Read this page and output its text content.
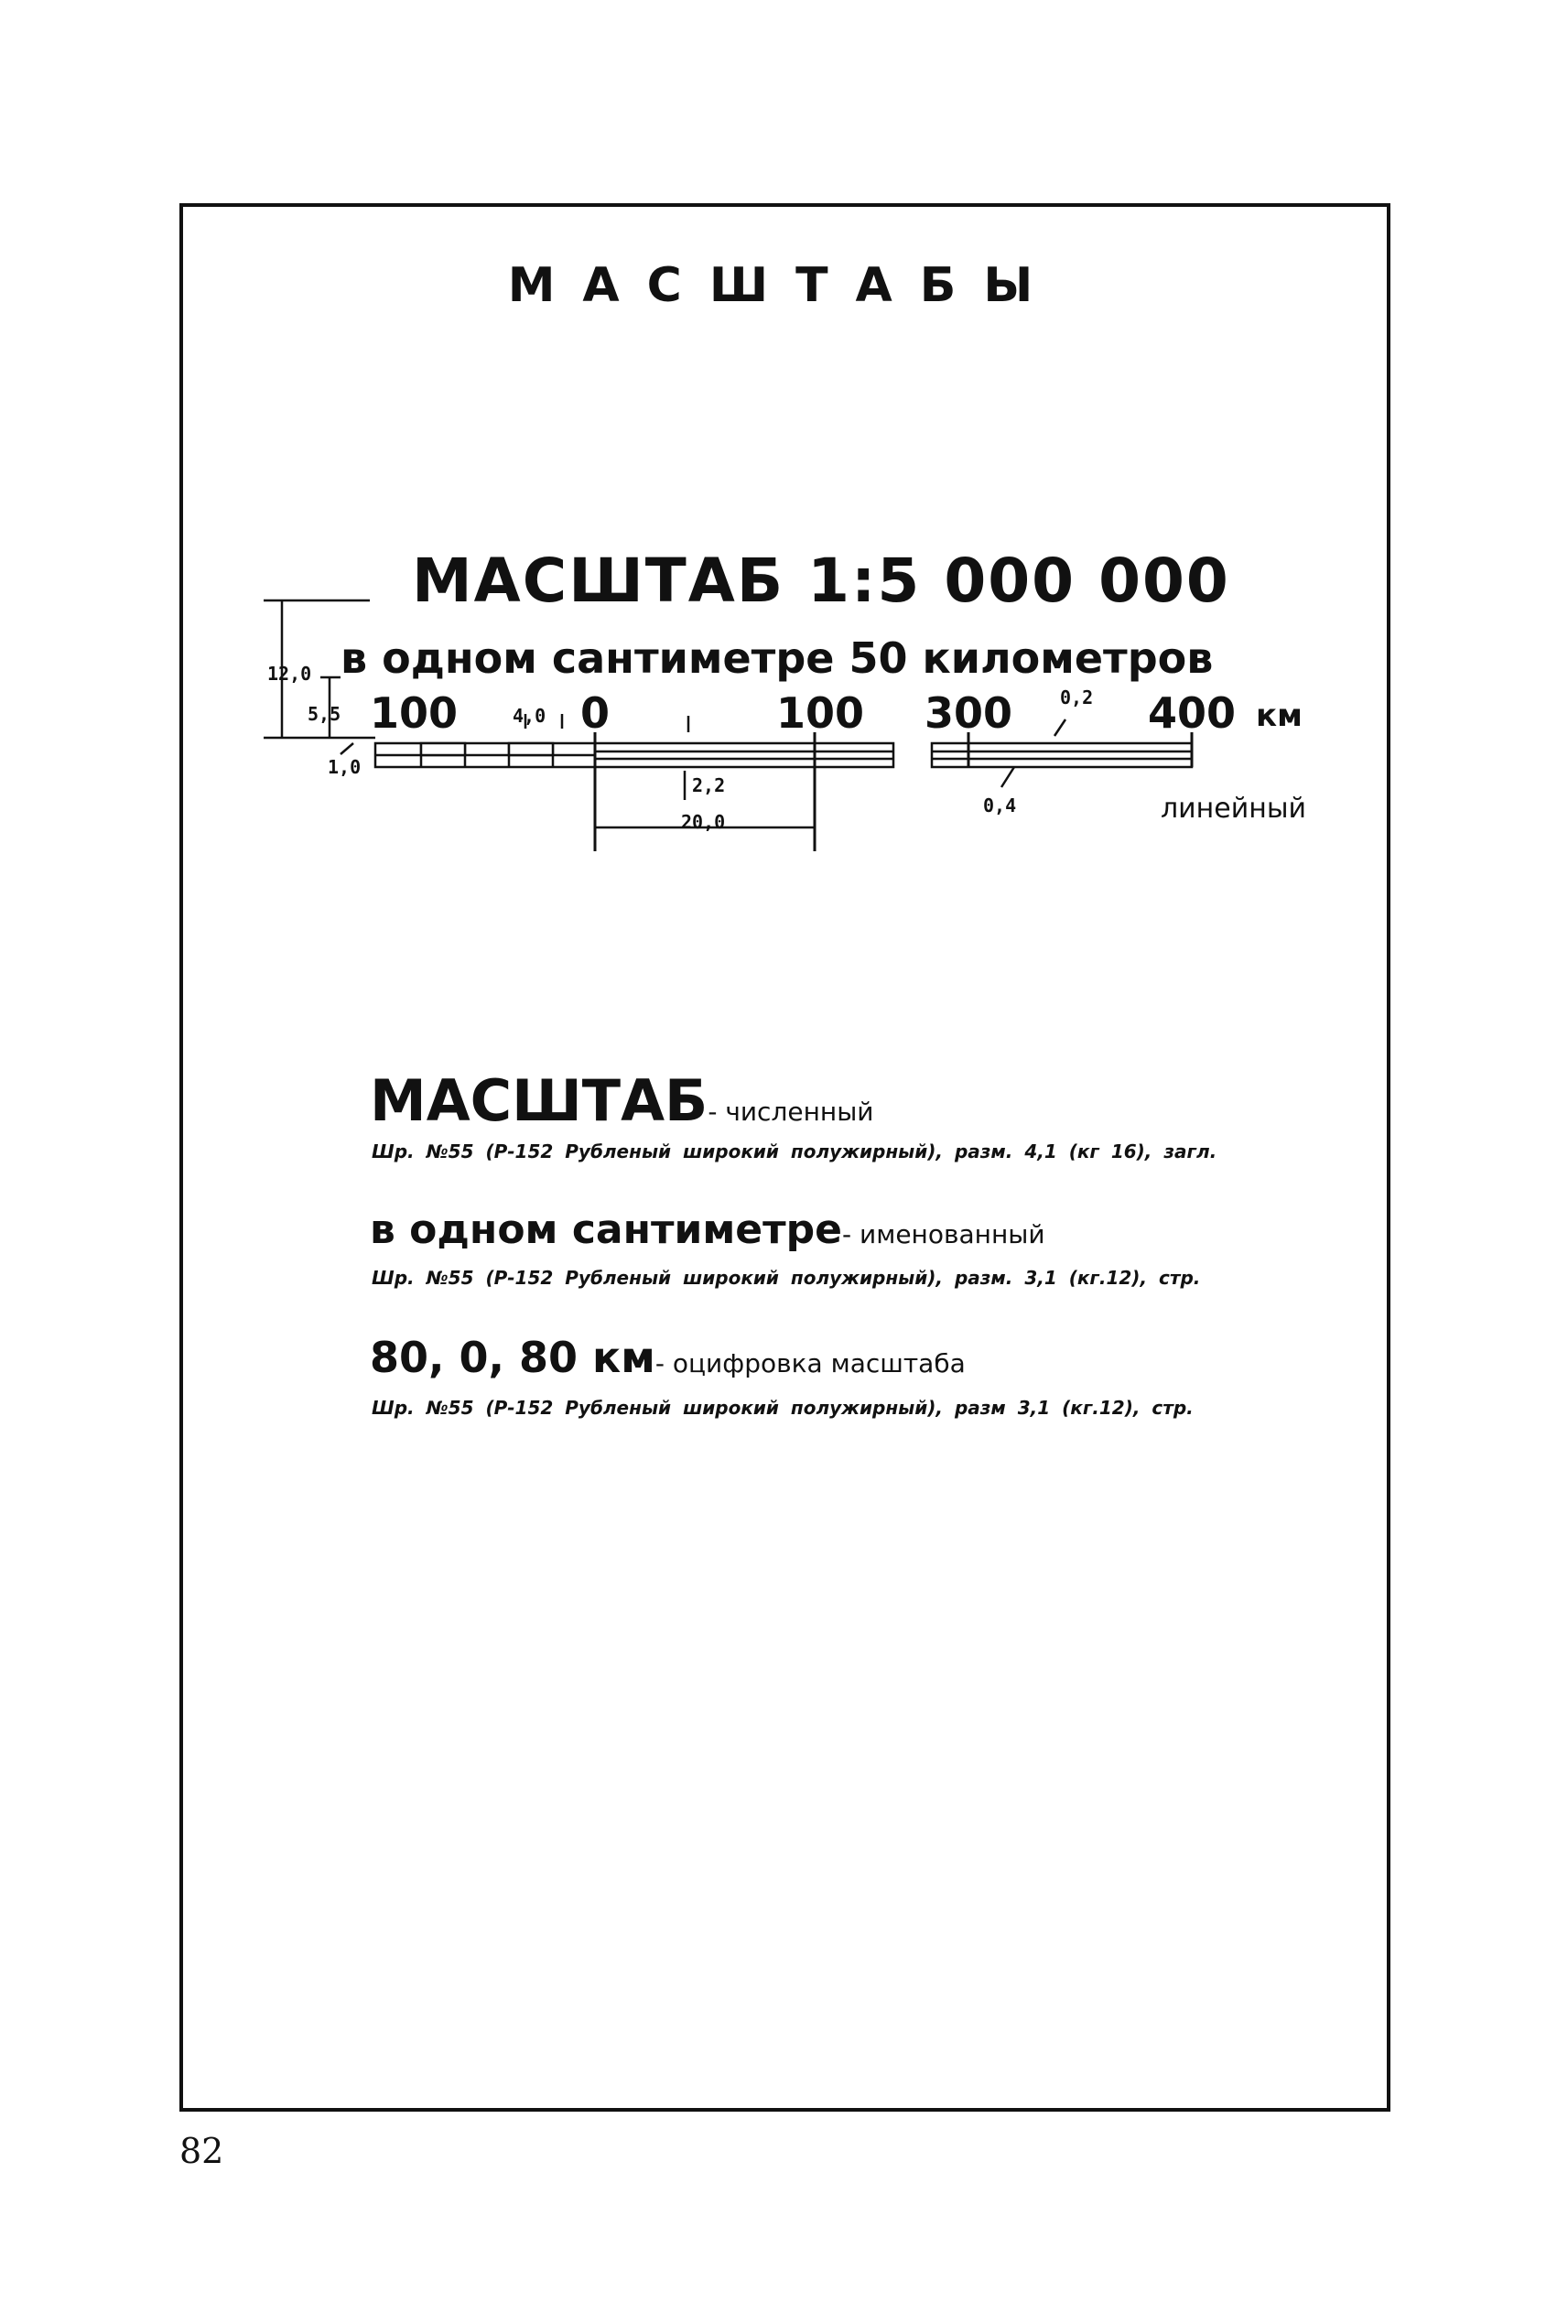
МАСШТАБЫ
МАСШТАБ 1:5 000 000
в одном сантиметре 50 километров
100	0	100 300	400 км
12,0
5,5
1,0
4,0
2,2
20,0
0,2
0,4	линейный
МАСШТАБ- численный
Шр. №55 (Р-152 Рубленый широкий полужирный), разм. 4,1 (кг 16), загл.
в одном сантиметре- именованный
Шр. №55 (Р-152 Рубленый широкий полужирный), разм. 3,1 (кг.12), стр.
80, 0, 80 км- оцифровка масштаба
Шр. №55 (Р-152 Рубленый широкий полужирный), разм 3,1 (кг.12), стр.
82
